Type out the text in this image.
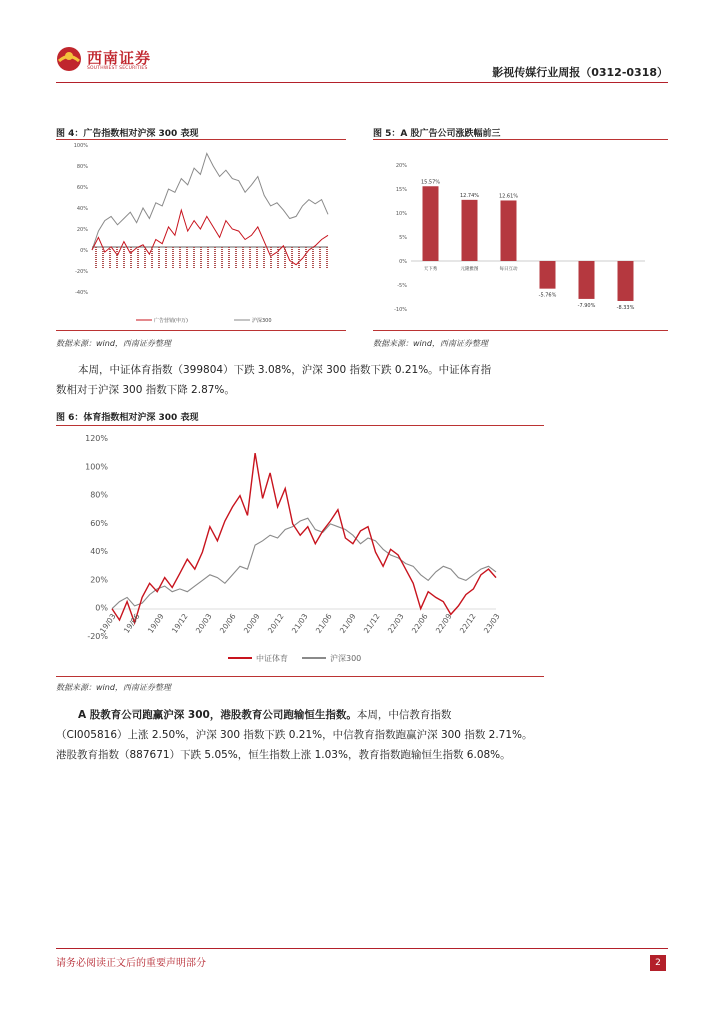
西南证券
SOUTHWEST SECURITIES	影视传媒行业周报（0312-0318）
图 4：广告指数相对沪深 300 表现
100%
80%
60%
40%
20%
0%
-20%
-40%
广告营销(申万)	沪深300
数据来源：wind，西南证券整理
图 5：A 股广告公司涨跌幅前三
20%
15%
10%
5%
0%
-5%
-10%
15.57%
天下秀
12.74%
元隆雅图
12.61%
每日互动
-5.76%
-7.90%	-8.33%
数据来源：wind，西南证券整理
本周，中证体育指数（399804）下跌 3.08%，沪深 300 指数下跌 0.21%。中证体育指
数相对于沪深 300 指数下降 2.87%。
图 6：体育指数相对沪深 300 表现
120%
100%
80%
60%
40%
20%
0%
-20%
19/03 19/06 19/09 19/12 20/03 20/06 20/09 20/12 21/03 21/06 21/09 21/12 22/03 22/06 22/09 22/12 23/03
中证体育	沪深300
数据来源：wind，西南证券整理
A 股教育公司跑赢沪深 300，港股教育公司跑输恒生指数。本周，中信教育指数
（CI005816）上涨 2.50%，沪深 300 指数下跌 0.21%，中信教育指数跑赢沪深 300 指数 2.71%。
港股教育指数（887671）下跌 5.05%，恒生指数上涨 1.03%，教育指数跑输恒生指数 6.08%。
请务必阅读正文后的重要声明部分	2
